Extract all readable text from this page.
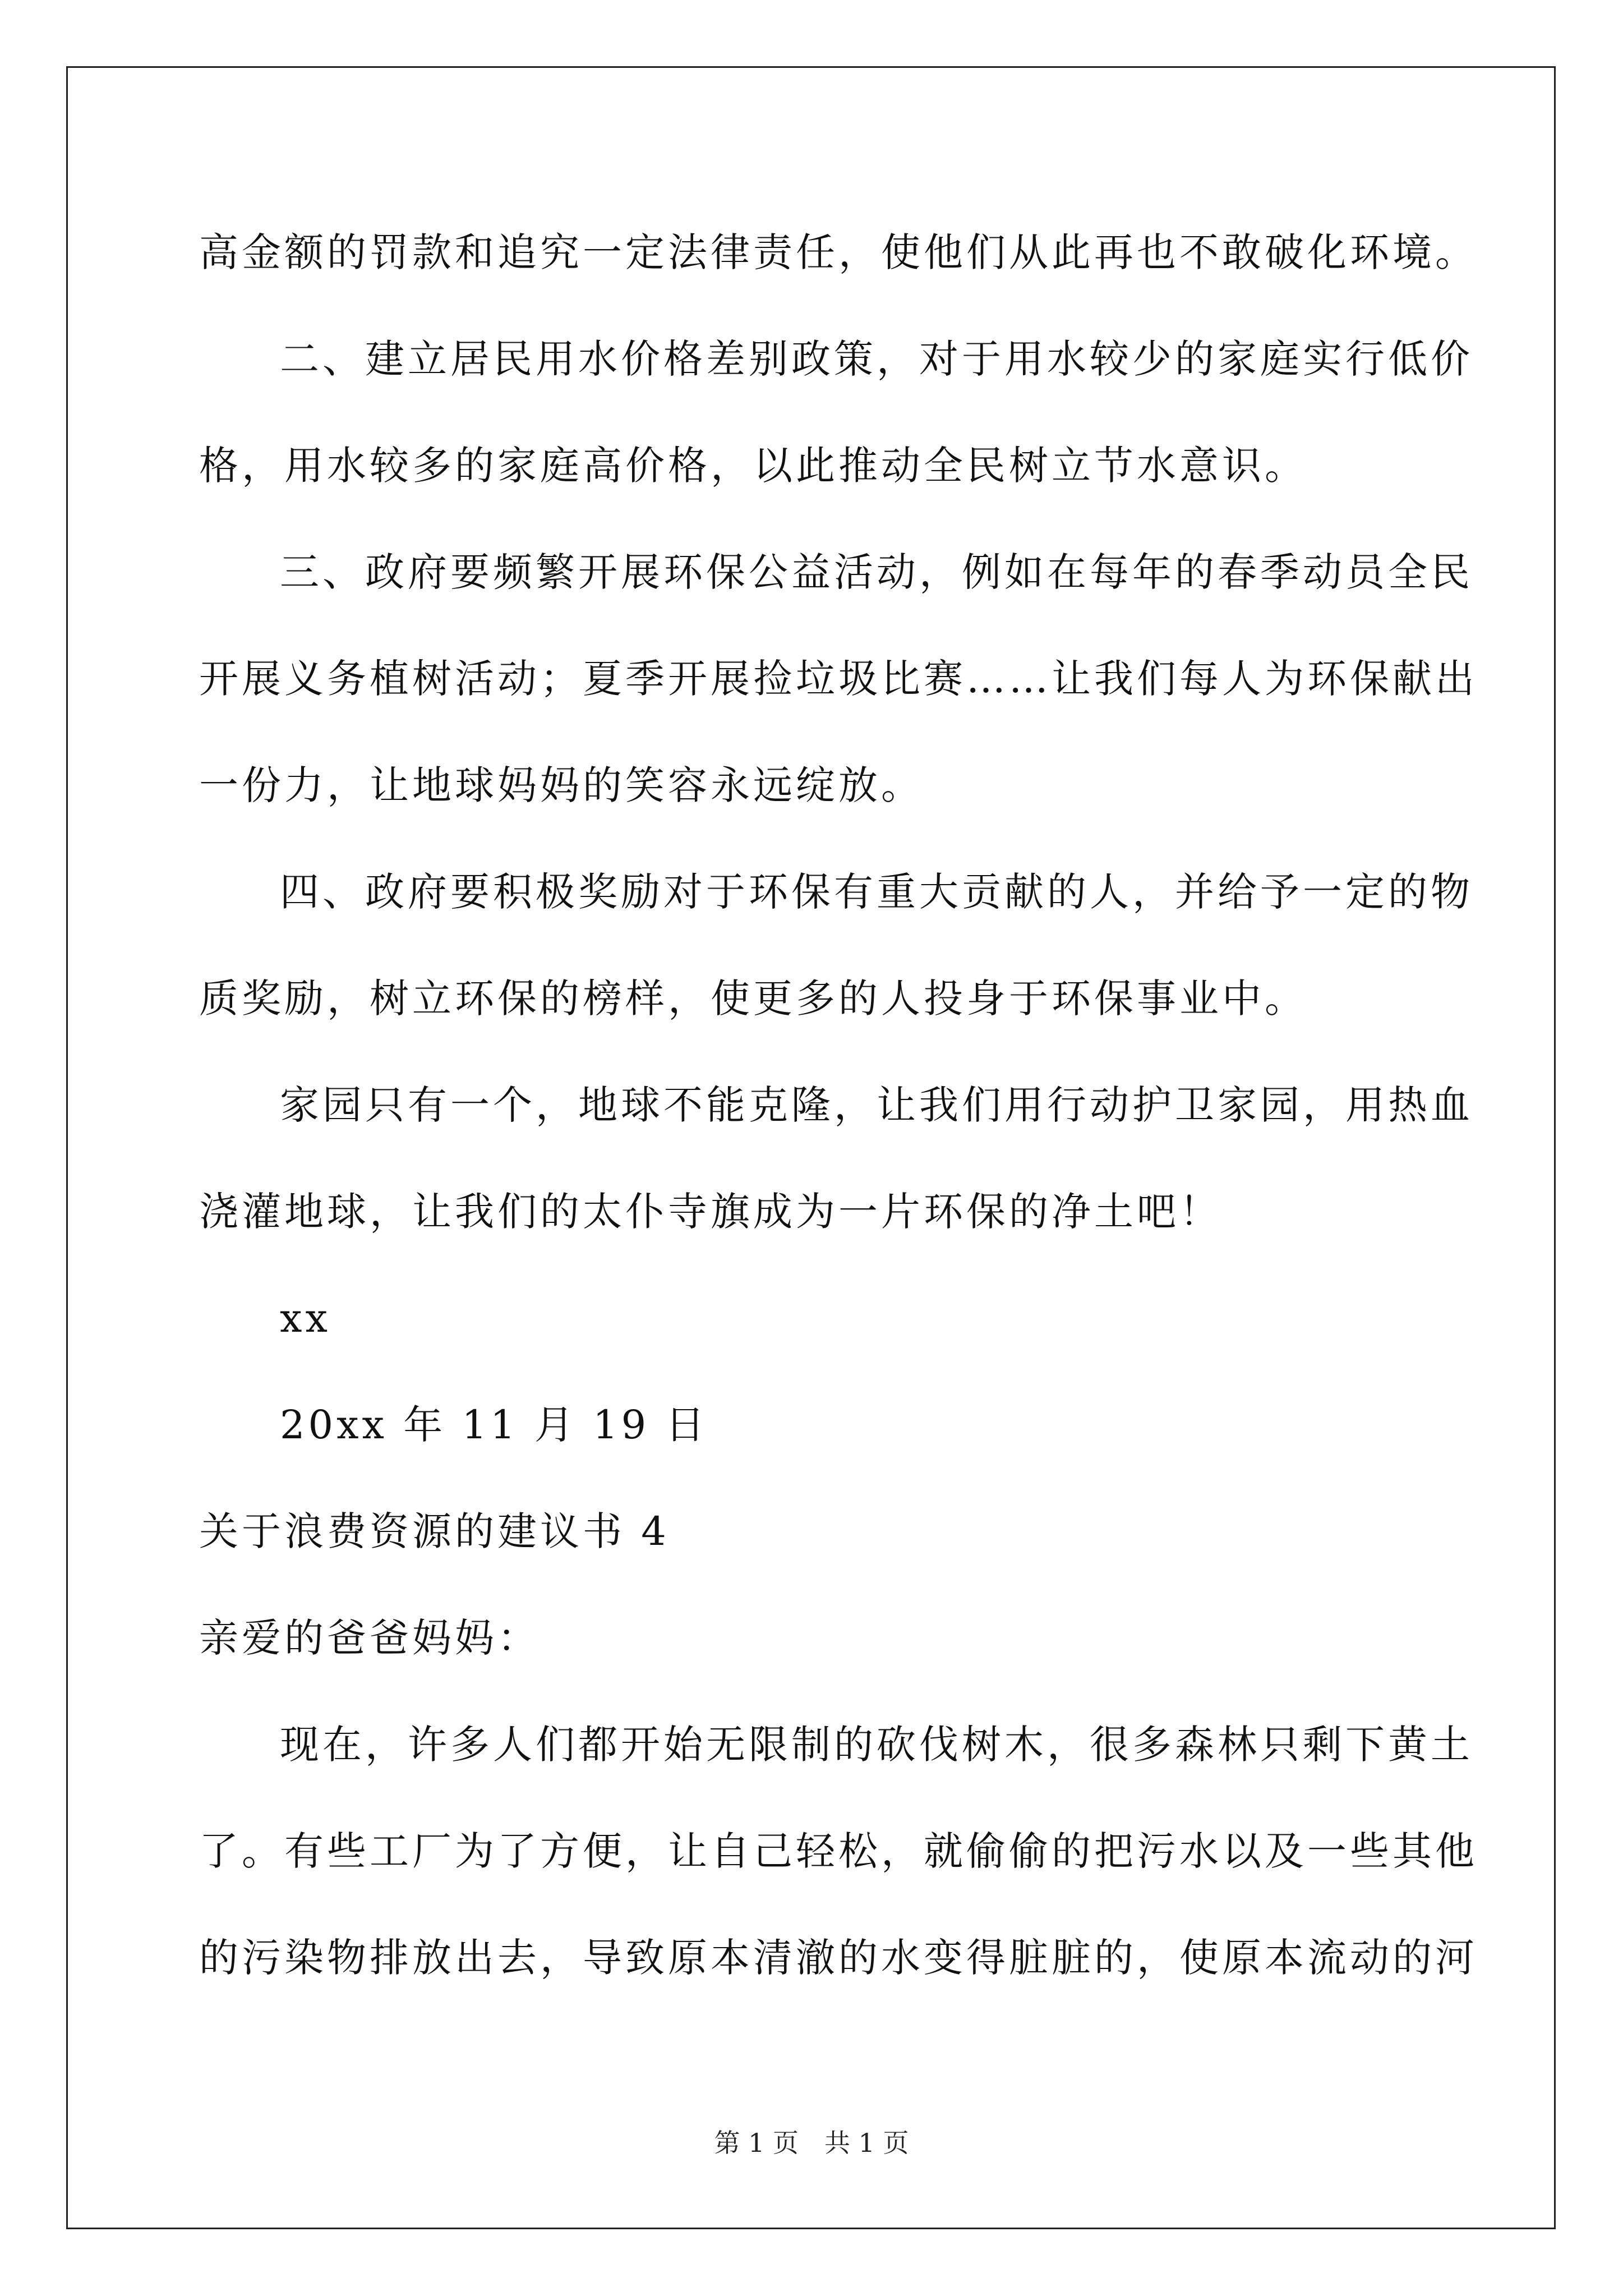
高金额的罚款和追究一定法律责任，使他们从此再也不敢破化环境。
二、建立居民用水价格差别政策，对于用水较少的家庭实行低价
格，用水较多的家庭高价格，以此推动全民树立节水意识。
三、政府要频繁开展环保公益活动，例如在每年的春季动员全民
开展义务植树活动；夏季开展捡垃圾比赛……让我们每人为环保献出
一份力，让地球妈妈的笑容永远绽放。
四、政府要积极奖励对于环保有重大贡献的人，并给予一定的物
质奖励，树立环保的榜样，使更多的人投身于环保事业中。
家园只有一个，地球不能克隆，让我们用行动护卫家园，用热血
浇灌地球，让我们的太仆寺旗成为一片环保的净土吧！
xx
20xx 年 11 月 19 日
关于浪费资源的建议书 4
亲爱的爸爸妈妈：
现在，许多人们都开始无限制的砍伐树木，很多森林只剩下黄土
了。有些工厂为了方便，让自己轻松，就偷偷的把污水以及一些其他
的污染物排放出去，导致原本清澈的水变得脏脏的，使原本流动的河
第 1 页　共 1 页
